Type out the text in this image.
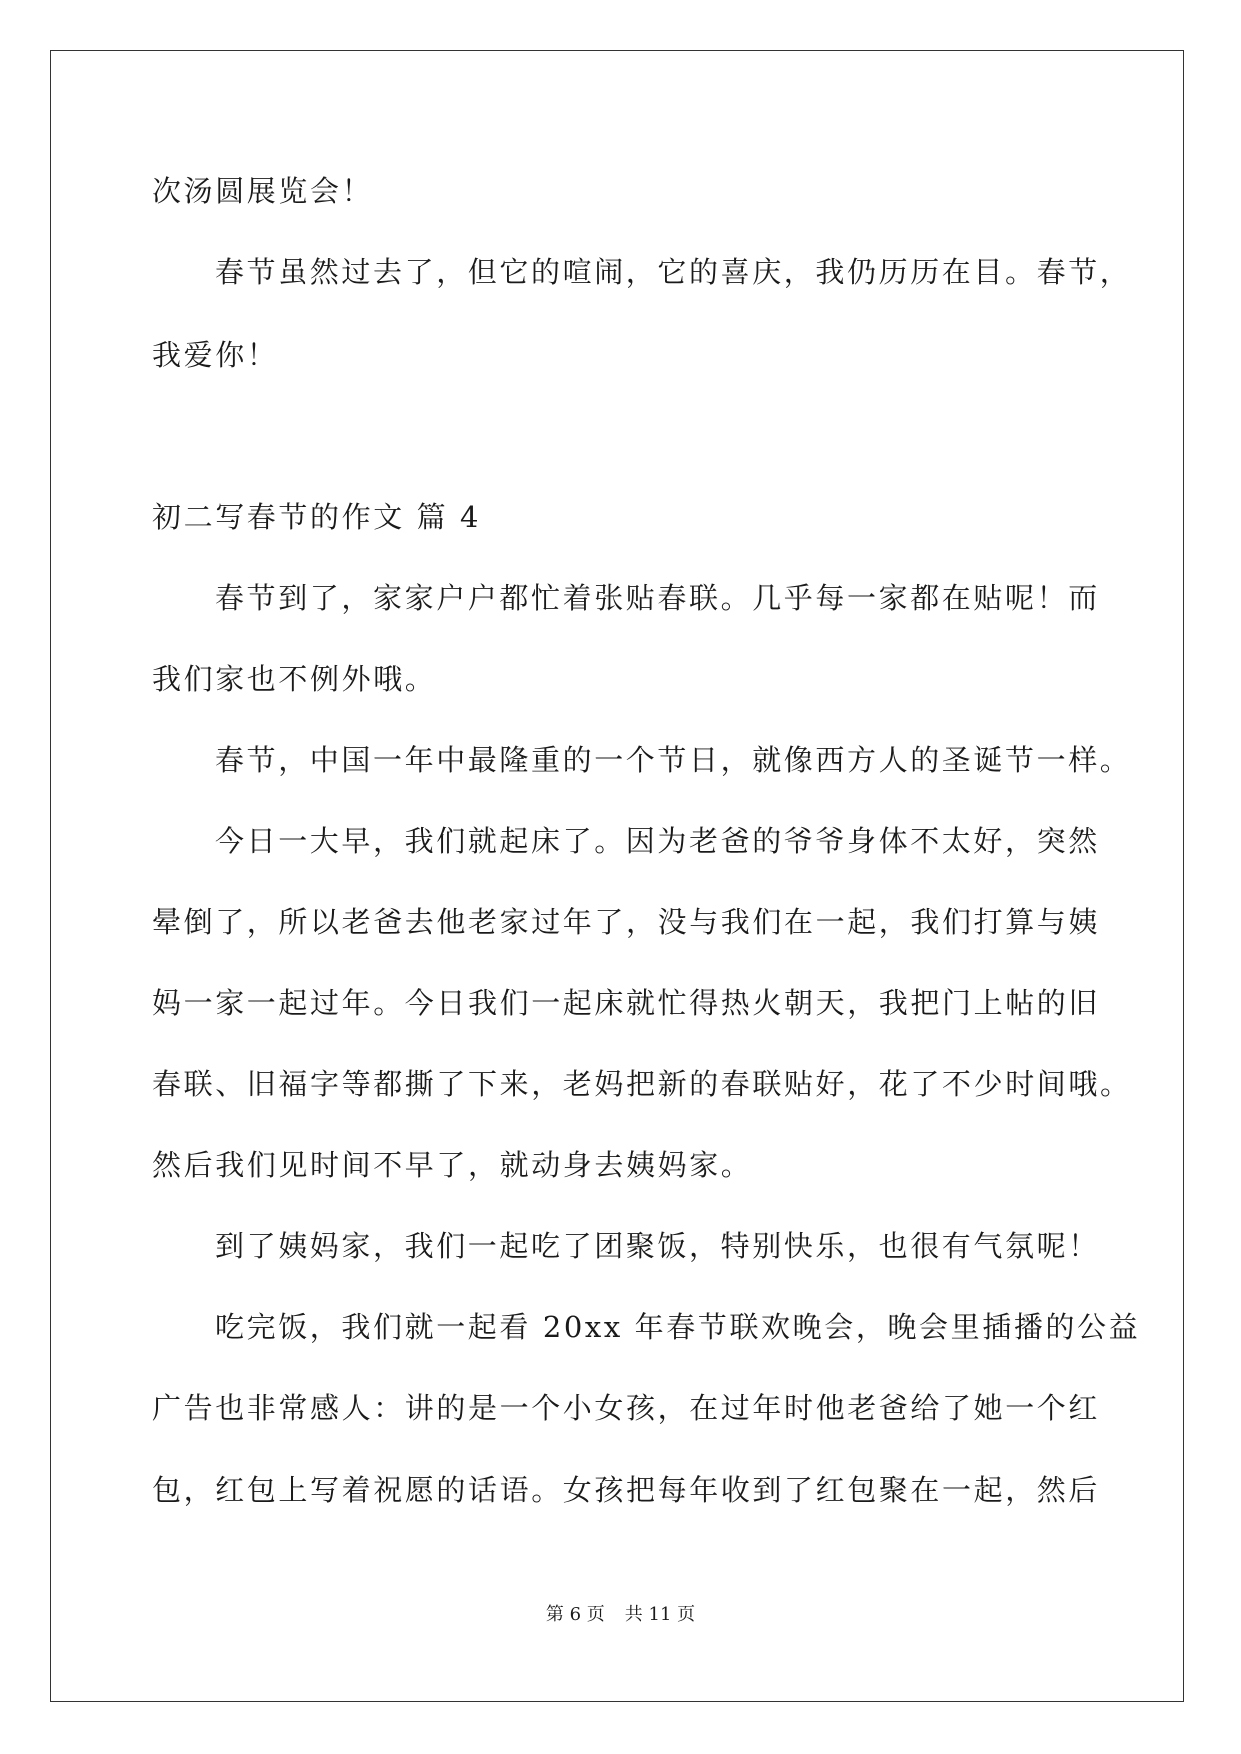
次汤圆展览会！
春节虽然过去了，但它的喧闹，它的喜庆，我仍历历在目。春节，
我爱你！
初二写春节的作文 篇 4
春节到了，家家户户都忙着张贴春联。几乎每一家都在贴呢！而
我们家也不例外哦。
春节，中国一年中最隆重的一个节日，就像西方人的圣诞节一样。
今日一大早，我们就起床了。因为老爸的爷爷身体不太好，突然
晕倒了，所以老爸去他老家过年了，没与我们在一起，我们打算与姨
妈一家一起过年。今日我们一起床就忙得热火朝天，我把门上帖的旧
春联、旧福字等都撕了下来，老妈把新的春联贴好，花了不少时间哦。
然后我们见时间不早了，就动身去姨妈家。
到了姨妈家，我们一起吃了团聚饭，特别快乐，也很有气氛呢！
吃完饭，我们就一起看 20xx 年春节联欢晚会，晚会里插播的公益
广告也非常感人：讲的是一个小女孩，在过年时他老爸给了她一个红
包，红包上写着祝愿的话语。女孩把每年收到了红包聚在一起，然后
第 6 页 共 11 页
